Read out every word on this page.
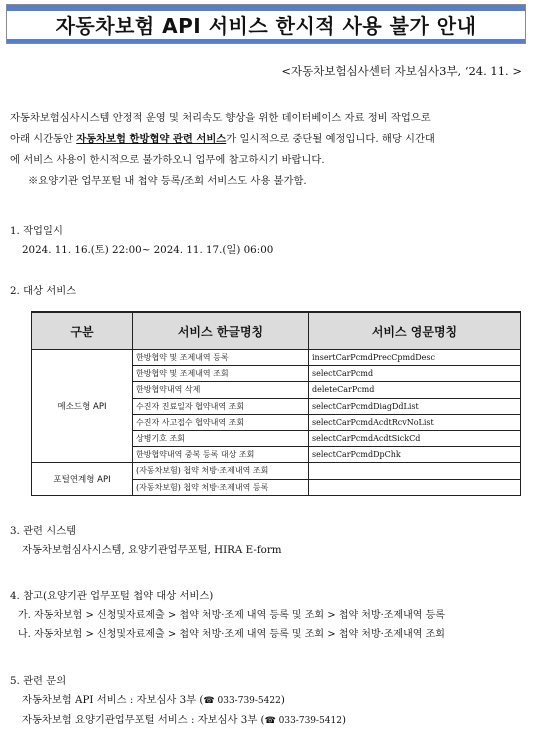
자동차보험 API 서비스 한시적 사용 불가 안내
<자동차보험심사센터 자보심사3부, ‘24. 11. >

자동차보험심사시스템 안정적 운영 및 처리속도 향상을 위한 데이터베이스 자료 정비 작업으로

아래 시간동안 자동차보험 한방협약 관련 서비스가 일시적으로 중단될 예정입니다. 해당 시간대

에 서비스 사용이 한시적으로 불가하오니 업무에 참고하시기 바랍니다.

※요양기관 업무포털 내 첩약 등록/조회 서비스도 사용 불가함.

1. 작업일시

2024. 11. 16.(토) 22:00~ 2024. 11. 17.(일) 06:00

2. 대상 서비스

구분	서비스 한글명칭	서비스 영문명칭
메소드형 API	한방협약 및 조제내역 등록	insertCarPcmdPrecCpmdDesc
	한방협약 및 조제내역 조회	selectCarPcmd
	한방협약내역 삭제	deleteCarPcmd
	수진자 진료일자 협약내역 조회	selectCarPcmdDiagDdList
	수진자 사고접수 협약내역 조회	selectCarPcmdAcdtRcvNoList
	상병기호 조회	selectCarPcmdAcdtSickCd
	한방협약내역 중복 등록 대상 조회	selectCarPcmdDpChk
포털연계형 API	(자동차보험) 첩약 처방·조제내역 조회	
	(자동차보험) 첩약 처방·조제내역 등록	

3. 관련 시스템

자동차보험심사시스템, 요양기관업무포털, HIRA E-form

4. 참고(요양기관 업무포털 첩약 대상 서비스)

가. 자동차보험 > 신청및자료제출 > 첩약 처방·조제 내역 등록 및 조회 > 첩약 처방·조제내역 등록

나. 자동차보험 > 신청및자료제출 > 첩약 처방·조제 내역 등록 및 조회 > 첩약 처방·조제내역 조회

5. 관련 문의

자동차보험 API 서비스 : 자보심사 3부 (☎ 033-739-5422)

자동차보험 요양기관업무포털 서비스 : 자보심사 3부 (☎ 033-739-5412)
